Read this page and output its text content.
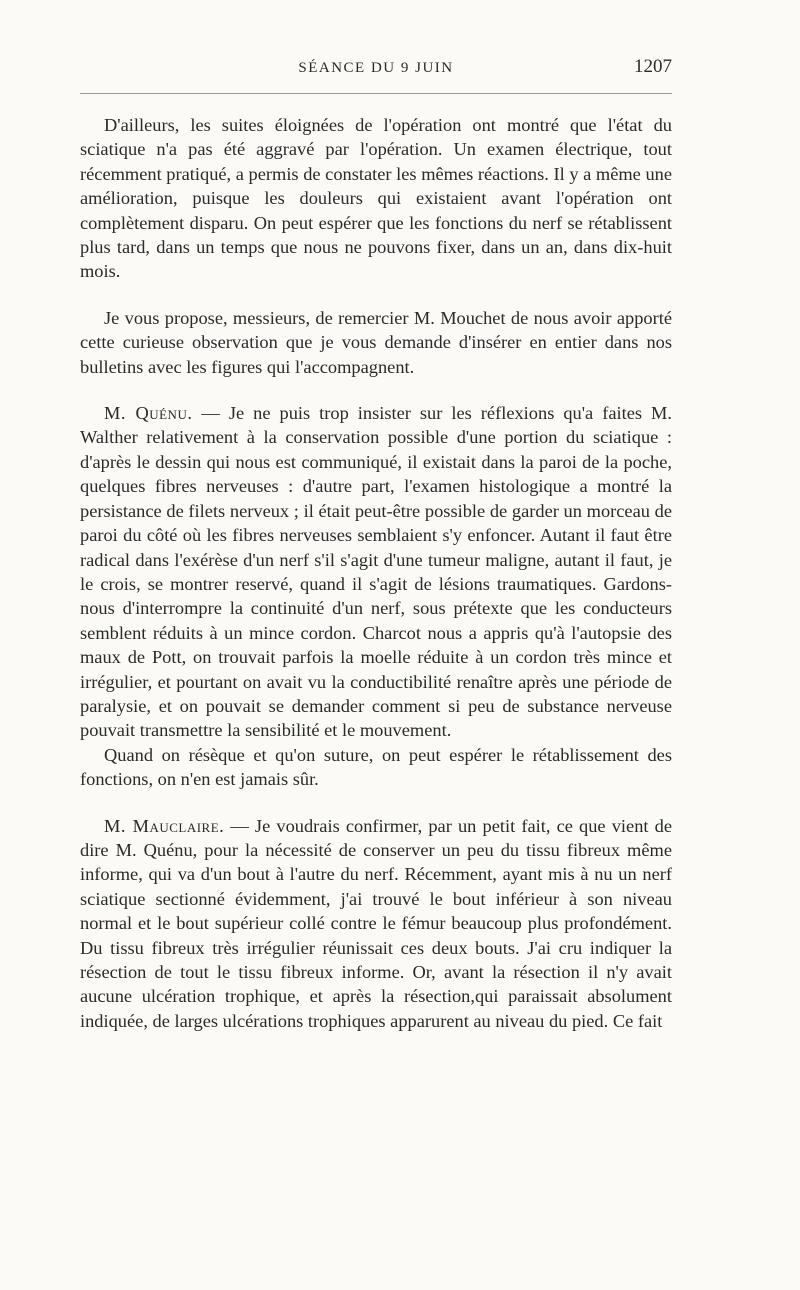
SÉANCE DU 9 JUIN	1207

D'ailleurs, les suites éloignées de l'opération ont montré que l'état du sciatique n'a pas été aggravé par l'opération. Un examen électrique, tout récemment pratiqué, a permis de constater les mêmes réactions. Il y a même une amélioration, puisque les douleurs qui existaient avant l'opération ont complètement disparu. On peut espérer que les fonctions du nerf se rétablissent plus tard, dans un temps que nous ne pouvons fixer, dans un an, dans dix-huit mois.

Je vous propose, messieurs, de remercier M. Mouchet de nous avoir apporté cette curieuse observation que je vous demande d'insérer en entier dans nos bulletins avec les figures qui l'accompagnent.

M. Quénu. — Je ne puis trop insister sur les réflexions qu'a faites M. Walther relativement à la conservation possible d'une portion du sciatique : d'après le dessin qui nous est communiqué, il existait dans la paroi de la poche, quelques fibres nerveuses : d'autre part, l'examen histologique a montré la persistance de filets nerveux ; il était peut-être possible de garder un morceau de paroi du côté où les fibres nerveuses semblaient s'y enfoncer. Autant il faut être radical dans l'exérèse d'un nerf s'il s'agit d'une tumeur maligne, autant il faut, je le crois, se montrer reservé, quand il s'agit de lésions traumatiques. Gardons-nous d'interrompre la continuité d'un nerf, sous prétexte que les conducteurs semblent réduits à un mince cordon. Charcot nous a appris qu'à l'autopsie des maux de Pott, on trouvait parfois la moelle réduite à un cordon très mince et irrégulier, et pourtant on avait vu la conductibilité renaître après une période de paralysie, et on pouvait se demander comment si peu de substance nerveuse pouvait transmettre la sensibilité et le mouvement.

Quand on résèque et qu'on suture, on peut espérer le rétablissement des fonctions, on n'en est jamais sûr.

M. Mauclaire. — Je voudrais confirmer, par un petit fait, ce que vient de dire M. Quénu, pour la nécessité de conserver un peu du tissu fibreux même informe, qui va d'un bout à l'autre du nerf. Récemment, ayant mis à nu un nerf sciatique sectionné évidemment, j'ai trouvé le bout inférieur à son niveau normal et le bout supérieur collé contre le fémur beaucoup plus profondément. Du tissu fibreux très irrégulier réunissait ces deux bouts. J'ai cru indiquer la résection de tout le tissu fibreux informe. Or, avant la résection il n'y avait aucune ulcération trophique, et après la résection,qui paraissait absolument indiquée, de larges ulcérations trophiques apparurent au niveau du pied. Ce fait
